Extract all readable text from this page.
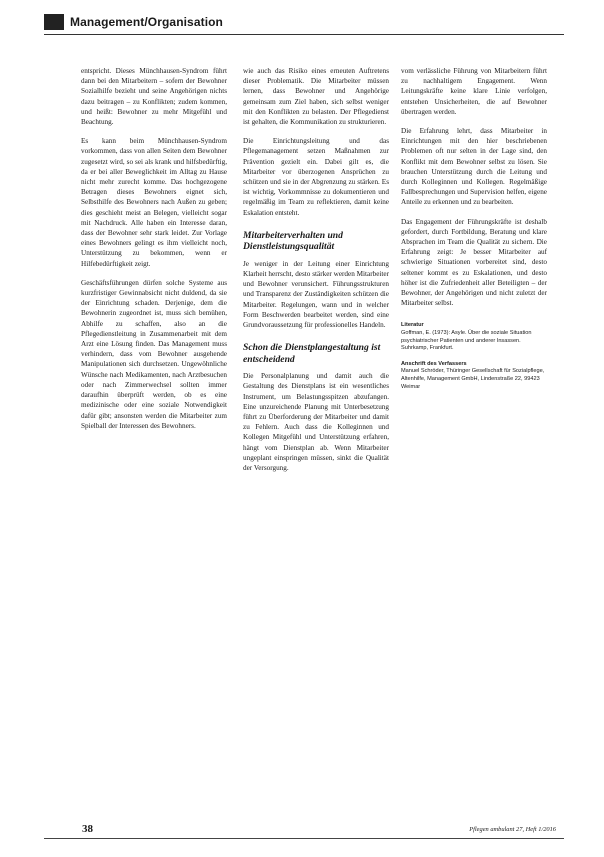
Management/Organisation

entspricht. Dieses Münchhausen-Syndrom führt dann bei den Mitarbeitern – sofern der Bewohner Sozialhilfe bezieht und seine Angehörigen nichts dazu beitragen – zu Konflikten; zudem kommen, und heißt: Bewohner zu mehr Mitgefühl und Beachtung.

Es kann beim Münchhausen-Syndrom vorkommen, dass von allen Seiten dem Bewohner zugesetzt wird, so sei als krank und hilfsbedürftig, da er bei aller Beweglichkeit im Alltag zu Hause nicht mehr zurecht komme. Das hochgezogene Betragen dieses Bewohners eignet sich, Selbsthilfe des Bewohners nach Außen zu geben; dies geschieht meist an Belegen, vielleicht sogar mit Nachdruck. Alle haben ein Interesse daran, dass der Bewohner sehr stark leidet. Zur Vorlage eines Bewohners gelingt es ihm vielleicht noch, Unterstützung zu bekommen, wenn er Hilfebedürftigkeit zeigt.

Geschäftsführungen dürfen solche Systeme aus kurzfristiger Gewinnabsicht nicht duldend, da sie der Einrichtung schaden. Derjenige, dem die Bewohnerin zugeordnet ist, muss sich bemühen, Abhilfe zu schaffen, also an die Pflegedienstleitung in Zusammenarbeit mit dem Arzt eine Lösung finden. Das Management muss verhindern, dass vom Bewohner ausgehende Manipulationen sich durchsetzen. Ungewöhnliche Wünsche nach Medikamenten, nach Arztbesuchen oder nach Zimmerwechsel sollten immer daraufhin überprüft werden, ob es eine medizinische oder eine soziale Notwendigkeit dafür gibt; ansonsten werden die Mitarbeiter zum Spielball der Interessen des Bewohners.

wie auch das Risiko eines erneuten Auftretens dieser Problematik. Die Mitarbeiter müssen lernen, dass Bewohner und Angehörige gemeinsam zum Ziel haben, sich selbst weniger mit den Konflikten zu belasten. Der Pflegedienst ist gehalten, die Kommunikation zu strukturieren.

Die Einrichtungsleitung und das Pflegemanagement setzen Maßnahmen zur Prävention gezielt ein. Dabei gilt es, die Mitarbeiter vor überzogenen Ansprüchen zu schützen und sie in der Abgrenzung zu stärken. Es ist wichtig, Vorkommnisse zu dokumentieren und regelmäßig im Team zu reflektieren, damit keine Eskalation entsteht.

Mitarbeiterverhalten und Dienstleistungsqualität

Je weniger in der Leitung einer Einrichtung Klarheit herrscht, desto stärker werden Mitarbeiter und Bewohner verunsichert. Führungsstrukturen und Transparenz der Zuständigkeiten schützen die Mitarbeiter. Regelungen, wann und in welcher Form Beschwerden bearbeitet werden, sind eine Grundvoraussetzung für professionelles Handeln.

Schon die Dienstplangestaltung ist entscheidend

Die Personalplanung und damit auch die Gestaltung des Dienstplans ist ein wesentliches Instrument, um Belastungsspitzen abzufangen. Eine unzureichende Planung mit Unterbesetzung führt zu Überforderung der Mitarbeiter und damit zu Fehlern. Auch dass die Kolleginnen und Kollegen Mitgefühl und Unterstützung erfahren, hängt vom Dienstplan ab. Wenn Mitarbeiter ungeplant einspringen müssen, sinkt die Qualität der Versorgung.

vom verlässliche Führung von Mitarbeitern führt zu nachhaltigem Engagement. Wenn Leitungskräfte keine klare Linie verfolgen, entstehen Unsicherheiten, die auf Bewohner übertragen werden.

Die Erfahrung lehrt, dass Mitarbeiter in Einrichtungen mit den hier beschriebenen Problemen oft nur selten in der Lage sind, den Konflikt mit dem Bewohner selbst zu lösen. Sie brauchen Unterstützung durch die Leitung und durch Kolleginnen und Kollegen. Regelmäßige Fallbesprechungen und Supervision helfen, eigene Anteile zu erkennen und zu bearbeiten.

Das Engagement der Führungskräfte ist deshalb gefordert, durch Fortbildung, Beratung und klare Absprachen im Team die Qualität zu sichern. Die Erfahrung zeigt: Je besser Mitarbeiter auf schwierige Situationen vorbereitet sind, desto seltener kommt es zu Eskalationen, und desto höher ist die Zufriedenheit aller Beteiligten – der Bewohner, der Angehörigen und nicht zuletzt der Mitarbeiter selbst.

Literatur
Goffman, E. (1973): Asyle. Über die soziale Situation psychiatrischer Patienten und anderer Insassen. Suhrkamp, Frankfurt.
Anschrift des Verfassers
Manuel Schröder, Thüringer Gesellschaft für Sozialpflege, Altenhilfe, Management GmbH, Lindenstraße 22, 99423 Weimar
38	Pflegen ambulant 27, Heft 1/2016
